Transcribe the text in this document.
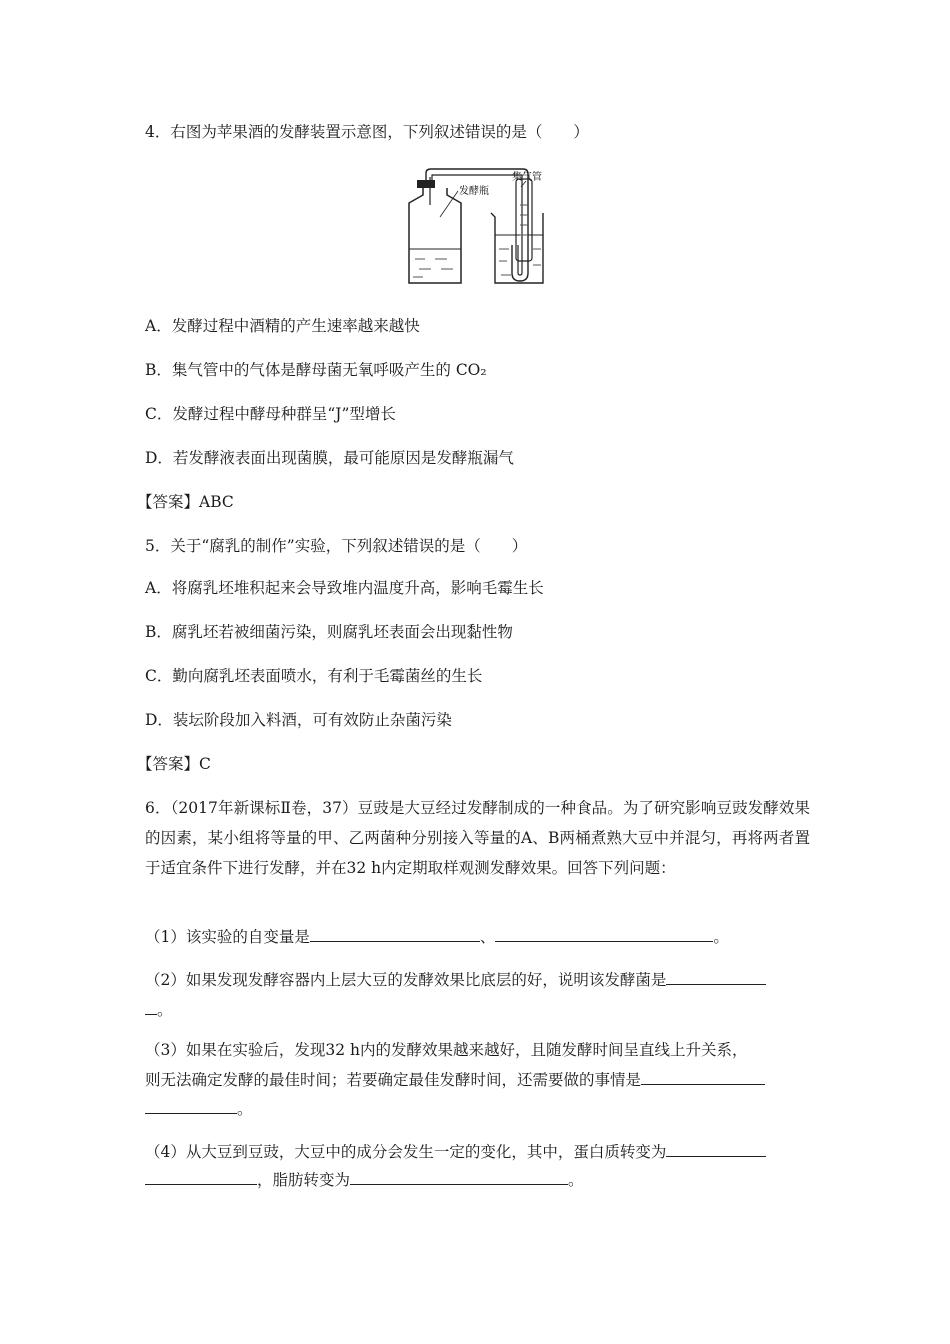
4．右图为苹果酒的发酵装置示意图，下列叙述错误的是（　　）
发酵瓶
集气管
A．发酵过程中酒精的产生速率越来越快
B．集气管中的气体是酵母菌无氧呼吸产生的 CO₂
C．发酵过程中酵母种群呈“J”型增长
D．若发酵液表面出现菌膜，最可能原因是发酵瓶漏气
【答案】ABC
5．关于“腐乳的制作”实验，下列叙述错误的是（　　）
A．将腐乳坯堆积起来会导致堆内温度升高，影响毛霉生长
B．腐乳坯若被细菌污染，则腐乳坯表面会出现黏性物
C．勤向腐乳坯表面喷水，有利于毛霉菌丝的生长
D．装坛阶段加入料酒，可有效防止杂菌污染
【答案】C
6．（2017年新课标Ⅱ卷，37）豆豉是大豆经过发酵制成的一种食品。为了研究影响豆豉发酵效果的因素，某小组将等量的甲、乙两菌种分别接入等量的A、B两桶煮熟大豆中并混匀，再将两者置于适宜条件下进行发酵，并在32 h内定期取样观测发酵效果。回答下列问题：
（1）该实验的自变量是	、	。
（2）如果发现发酵容器内上层大豆的发酵效果比底层的好，说明该发酵菌是
。
（3）如果在实验后，发现32 h内的发酵效果越来越好，且随发酵时间呈直线上升关系，
则无法确定发酵的最佳时间；若要确定最佳发酵时间，还需要做的事情是
。
（4）从大豆到豆豉，大豆中的成分会发生一定的变化，其中，蛋白质转变为
，脂肪转变为	。
